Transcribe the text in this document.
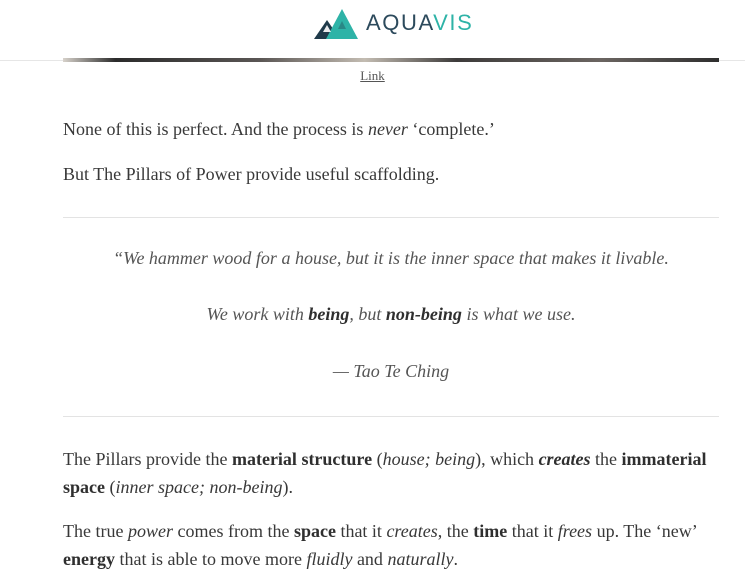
AQUAVIS
Link

None of this is perfect. And the process is never ‘complete.’

But The Pillars of Power provide useful scaffolding.

“We hammer wood for a house, but it is the inner space that makes it livable.

We work with being, but non-being is what we use.

— Tao Te Ching

The Pillars provide the material structure (house; being), which creates the immaterial space (inner space; non-being).

The true power comes from the space that it creates, the time that it frees up. The ‘new’ energy that is able to move more fluidly and naturally.
